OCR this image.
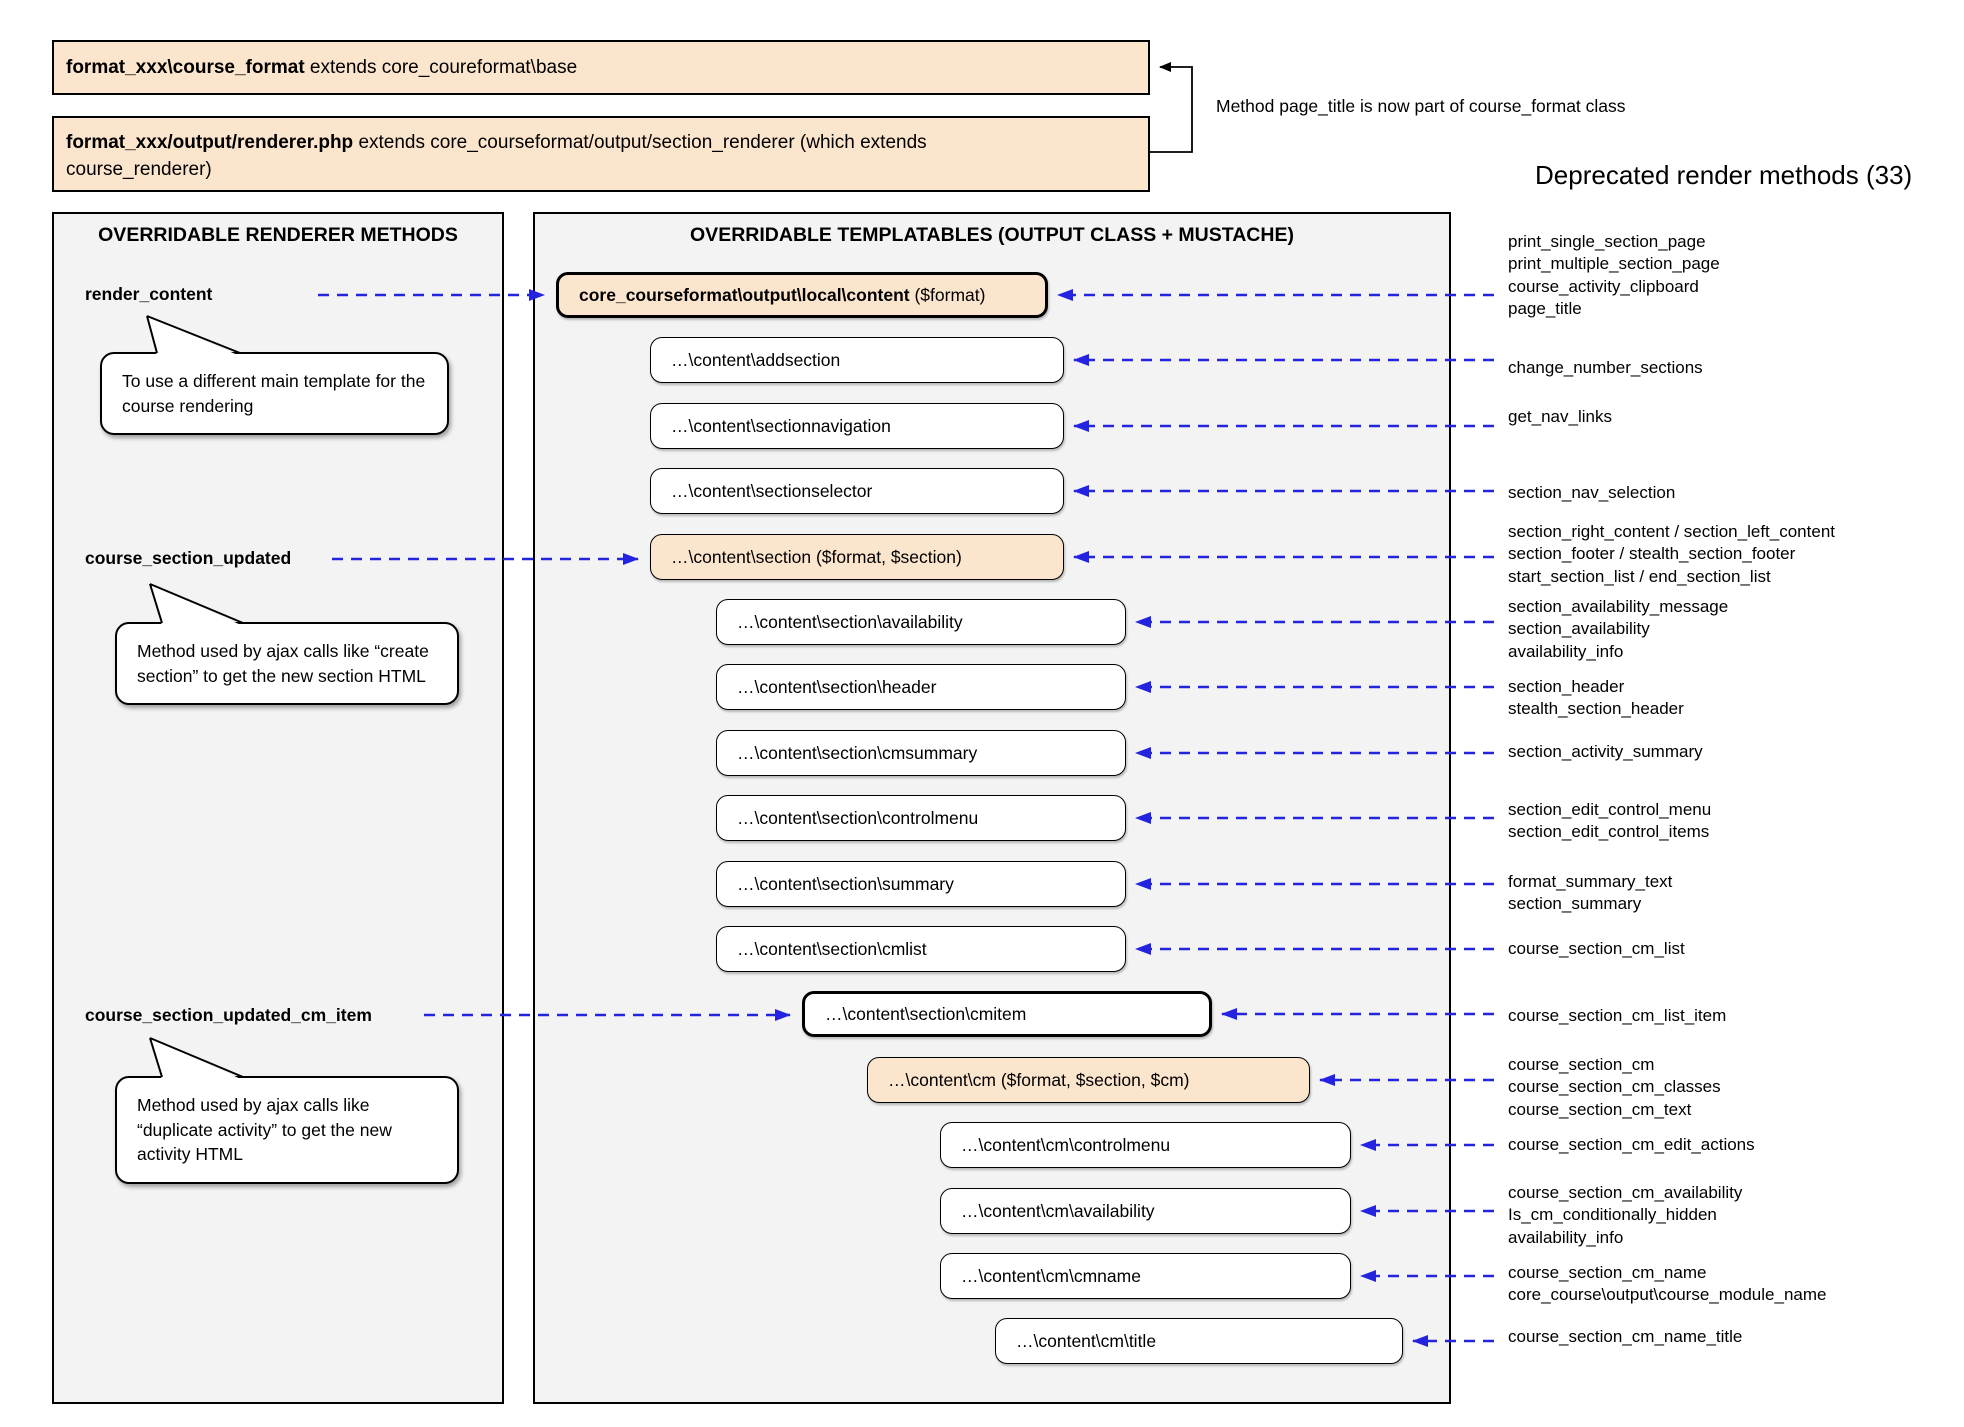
format_xxx\course_format extends core_coureformat\base
format_xxx/output/renderer.php extends core_courseformat/output/section_renderer (which extends course_renderer)
Method page_title is now part of course_format class
Deprecated render methods (33)
OVERRIDABLE RENDERER METHODS
render_content
To use a different main template for the course rendering
course_section_updated
Method used by ajax calls like “create section” to get the new section HTML
course_section_updated_cm_item
Method used by ajax calls like “duplicate activity” to get the new activity HTML
OVERRIDABLE TEMPLATABLES (OUTPUT CLASS + MUSTACHE)
core_courseformat\output\local\content ($format)
…\content\addsection
…\content\sectionnavigation
…\content\sectionselector
…\content\section ($format, $section)
…\content\section\availability
…\content\section\header
…\content\section\cmsummary
…\content\section\controlmenu
…\content\section\summary
…\content\section\cmlist
…\content\section\cmitem
…\content\cm ($format, $section, $cm)
…\content\cm\controlmenu
…\content\cm\availability
…\content\cm\cmname
…\content\cm\title
print_single_section_page
print_multiple_section_page
course_activity_clipboard
page_title
change_number_sections
get_nav_links
section_nav_selection
section_right_content / section_left_content
section_footer / stealth_section_footer
start_section_list / end_section_list
section_availability_message
section_availability
availability_info
section_header
stealth_section_header
section_activity_summary
section_edit_control_menu
section_edit_control_items
format_summary_text
section_summary
course_section_cm_list
course_section_cm_list_item
course_section_cm
course_section_cm_classes
course_section_cm_text
course_section_cm_edit_actions
course_section_cm_availability
Is_cm_conditionally_hidden
availability_info
course_section_cm_name
core_course\output\course_module_name
course_section_cm_name_title
